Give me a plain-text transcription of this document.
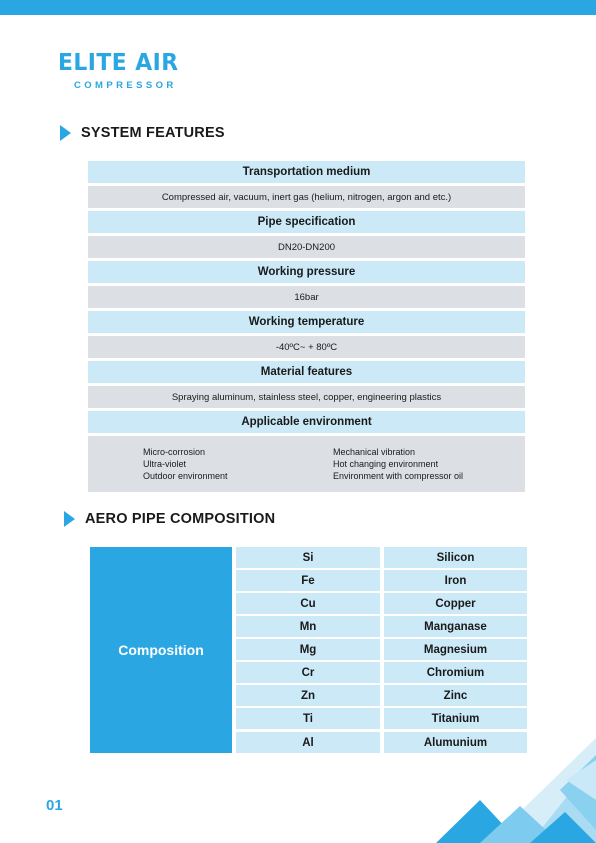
ELITE AIR
COMPRESSOR
SYSTEM FEATURES
Transportation medium
Compressed air, vacuum, inert gas (helium, nitrogen, argon and etc.)
Pipe specification
DN20-DN200
Working pressure
16bar
Working temperature
-40ºC~ + 80ºC
Material features
Spraying aluminum, stainless steel, copper, engineering plastics
Applicable environment
Micro-corrosion
Ultra-violet
Outdoor environment
Mechanical vibration
Hot changing environment
Environment with compressor oil
AERO PIPE COMPOSITION
Composition
Si	Silicon
Fe	Iron
Cu	Copper
Mn	Manganase
Mg	Magnesium
Cr	Chromium
Zn	Zinc
Ti	Titanium
Al	Alumunium
01
